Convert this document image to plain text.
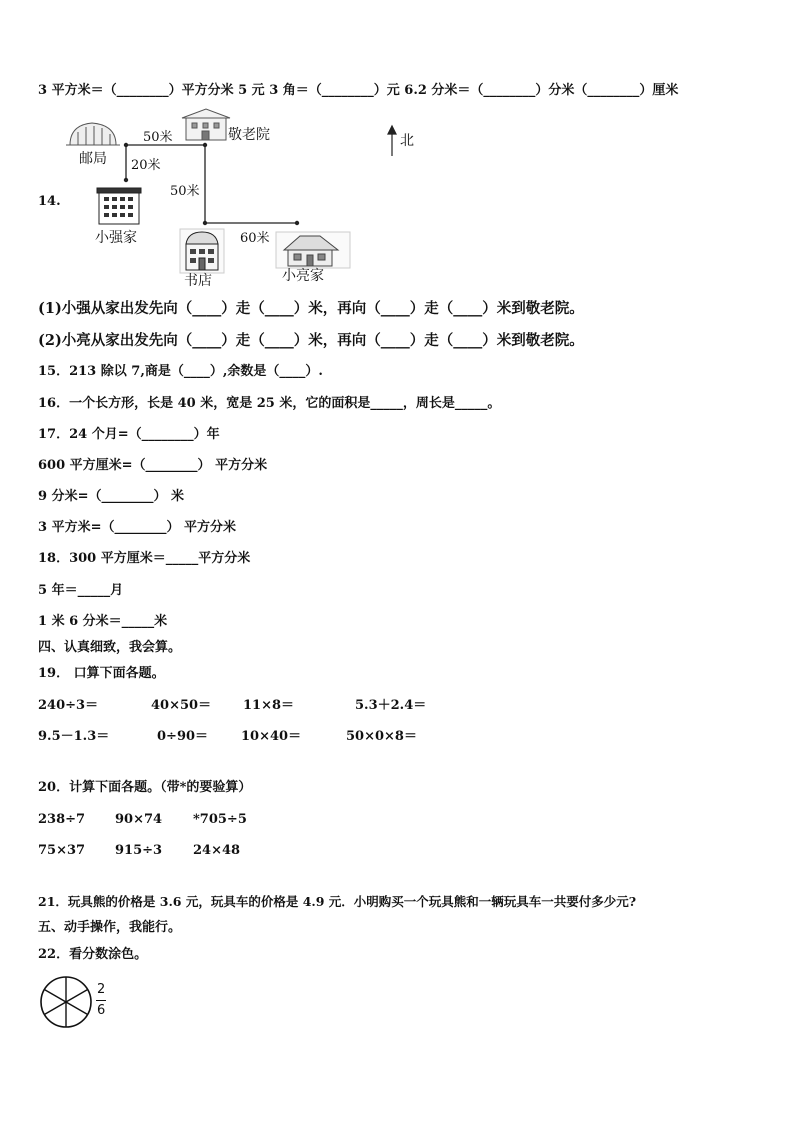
3 平方米＝（________）平方分米 5 元 3 角＝（________）元 6.2 分米＝（________）分米（________）厘米
14.
邮局
敬老院	北
小强家
书店	小亮家
50米
20米
50米
60米
(1)小强从家出发先向（____）走（____）米，再向（____）走（____）米到敬老院。
(2)小亮从家出发先向（____）走（____）米，再向（____）走（____）米到敬老院。
15．213 除以 7,商是（____）,余数是（____）.
16．一个长方形，长是 40 米，宽是 25 米，它的面积是_____，周长是_____。
17．24 个月=（________）年
600 平方厘米=（________） 平方分米
9 分米=（________） 米
3 平方米=（________） 平方分米
18．300 平方厘米＝_____平方分米
5 年＝_____月
1 米 6 分米＝_____米
四、认真细致，我会算。
19． 口算下面各题。
240÷3＝	40×50＝ 11×8＝	5.3＋2.4＝
9.5－1.3＝	0÷90＝	10×40＝	50×0×8＝
20．计算下面各题。（带*的要验算）
238÷7 90×74 *705÷5
75×37 915÷3 24×48
21．玩具熊的价格是 3.6 元，玩具车的价格是 4.9 元．小明购买一个玩具熊和一辆玩具车一共要付多少元?
五、动手操作，我能行。
22．看分数涂色。
2
6
